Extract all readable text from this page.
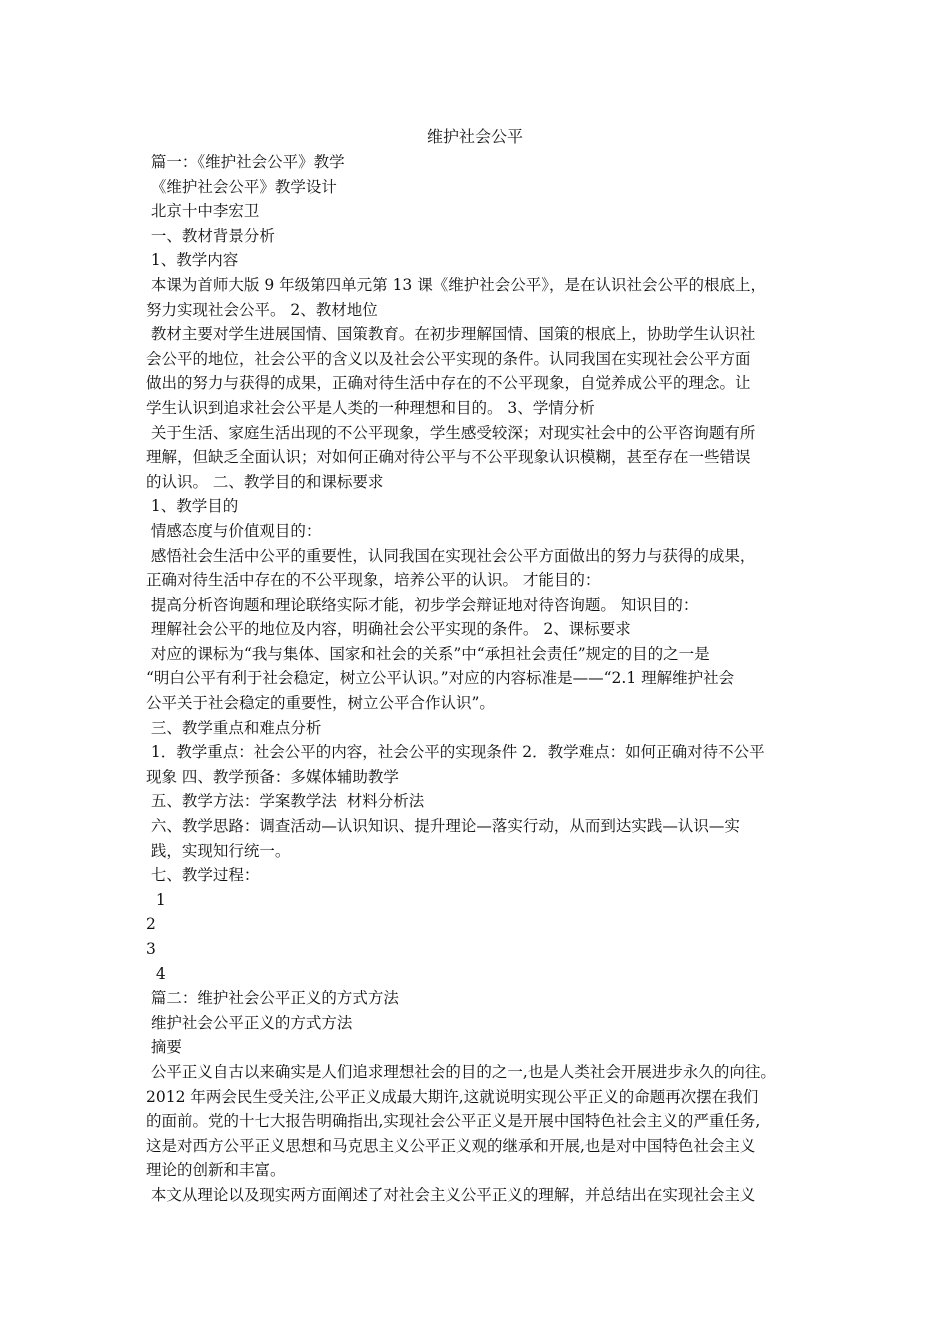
维护社会公平
篇一：《维护社会公平》教学
《维护社会公平》教学设计
北京十中李宏卫
一、教材背景分析
1、教学内容
本课为首师大版 9 年级第四单元第 13 课《维护社会公平》，是在认识社会公平的根底上，
努力实现社会公平。 2、教材地位
教材主要对学生进展国情、国策教育。在初步理解国情、国策的根底上，协助学生认识社
会公平的地位，社会公平的含义以及社会公平实现的条件。认同我国在实现社会公平方面
做出的努力与获得的成果，正确对待生活中存在的不公平现象，自觉养成公平的理念。让
学生认识到追求社会公平是人类的一种理想和目的。 3、学情分析
关于生活、家庭生活出现的不公平现象，学生感受较深；对现实社会中的公平咨询题有所
理解，但缺乏全面认识；对如何正确对待公平与不公平现象认识模糊，甚至存在一些错误
的认识。 二、教学目的和课标要求
1、教学目的
情感态度与价值观目的：
感悟社会生活中公平的重要性，认同我国在实现社会公平方面做出的努力与获得的成果，
正确对待生活中存在的不公平现象，培养公平的认识。 才能目的：
提高分析咨询题和理论联络实际才能，初步学会辩证地对待咨询题。 知识目的：
理解社会公平的地位及内容，明确社会公平实现的条件。 2、课标要求
对应的课标为“我与集体、国家和社会的关系”中“承担社会责任”规定的目的之一是
“明白公平有利于社会稳定，树立公平认识。”对应的内容标准是——“2.1 理解维护社会
公平关于社会稳定的重要性，树立公平合作认识”。
三、教学重点和难点分析
1．教学重点：社会公平的内容，社会公平的实现条件 2．教学难点：如何正确对待不公平
现象 四、教学预备：多媒体辅助教学
五、教学方法：学案教学法  材料分析法
六、教学思路：调查活动—认识知识、提升理论—落实行动，从而到达实践—认识—实
践，实现知行统一。
七、教学过程：
1
2
3
4
篇二：维护社会公平正义的方式方法
维护社会公平正义的方式方法
摘要
公平正义自古以来确实是人们追求理想社会的目的之一,也是人类社会开展进步永久的向往。
2012 年两会民生受关注,公平正义成最大期许,这就说明实现公平正义的命题再次摆在我们
的面前。党的十七大报告明确指出,实现社会公平正义是开展中国特色社会主义的严重任务,
这是对西方公平正义思想和马克思主义公平正义观的继承和开展,也是对中国特色社会主义
理论的创新和丰富。
本文从理论以及现实两方面阐述了对社会主义公平正义的理解，并总结出在实现社会主义
